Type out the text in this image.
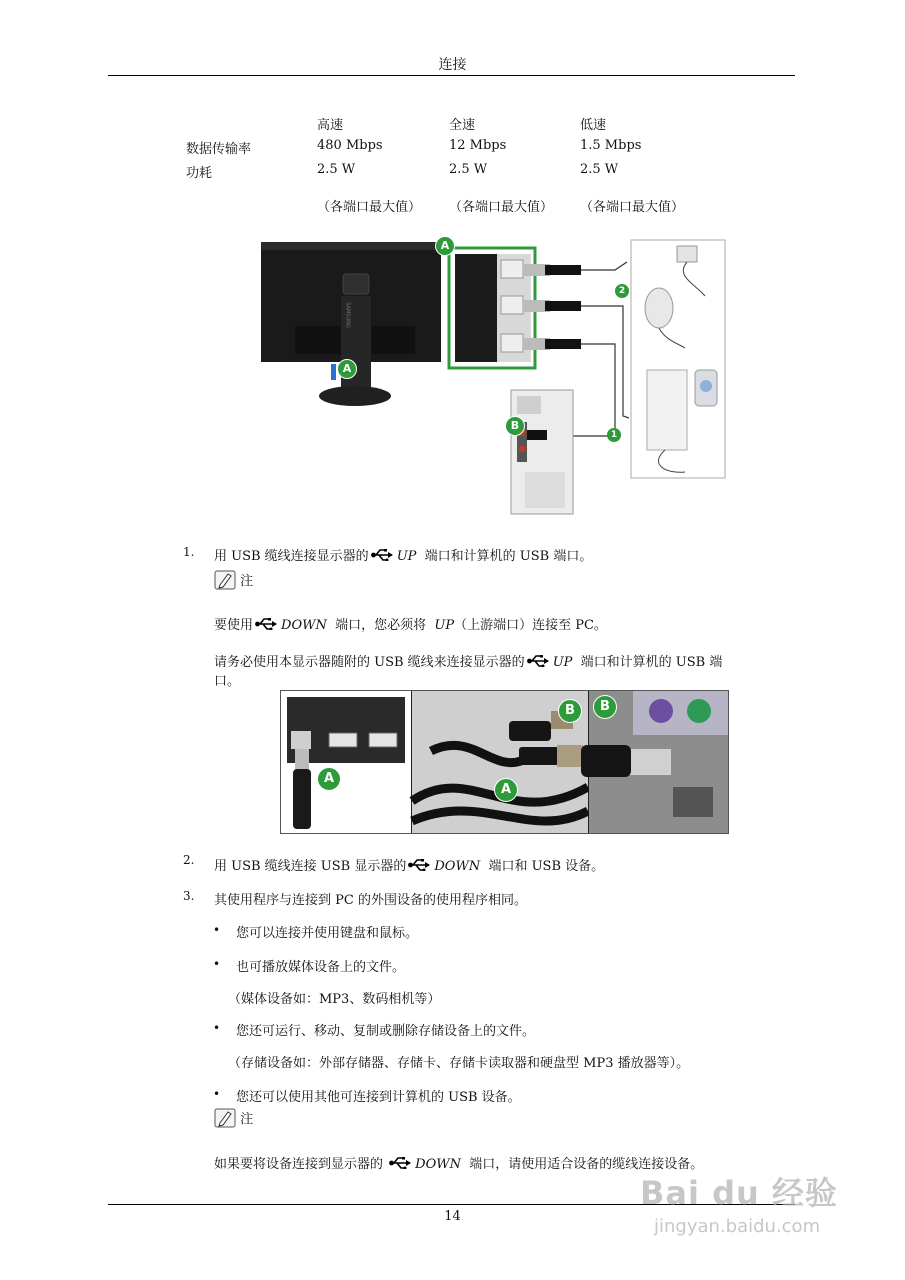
连接
	高速	全速	低速
数据传输率	480 Mbps	12 Mbps	1.5 Mbps
功耗	2.5 W	2.5 W	2.5 W
	（各端口最大值）	（各端口最大值）	（各端口最大值）
A
A
B
1
2
SAMSUNG
1. 用 USB 缆线连接显示器的 UP 端口和计算机的 USB 端口。
注
要使用 DOWN 端口，您必须将 UP（上游端口）连接至 PC。
请务必使用本显示器随附的 USB 缆线来连接显示器的 UP 端口和计算机的 USB 端
口。
A
B
A
B
2. 用 USB 缆线连接 USB 显示器的 DOWN 端口和 USB 设备。
3. 其使用程序与连接到 PC 的外围设备的使用程序相同。
• 您可以连接并使用键盘和鼠标。
• 也可播放媒体设备上的文件。
（媒体设备如：MP3、数码相机等）
• 您还可运行、移动、复制或删除存储设备上的文件。
（存储设备如：外部存储器、存储卡、存储卡读取器和硬盘型 MP3 播放器等）。
• 您还可以使用其他可连接到计算机的 USB 设备。
注
如果要将设备连接到显示器的 DOWN 端口，请使用适合设备的缆线连接设备。
14
Bai du 经验
jingyan.baidu.com
